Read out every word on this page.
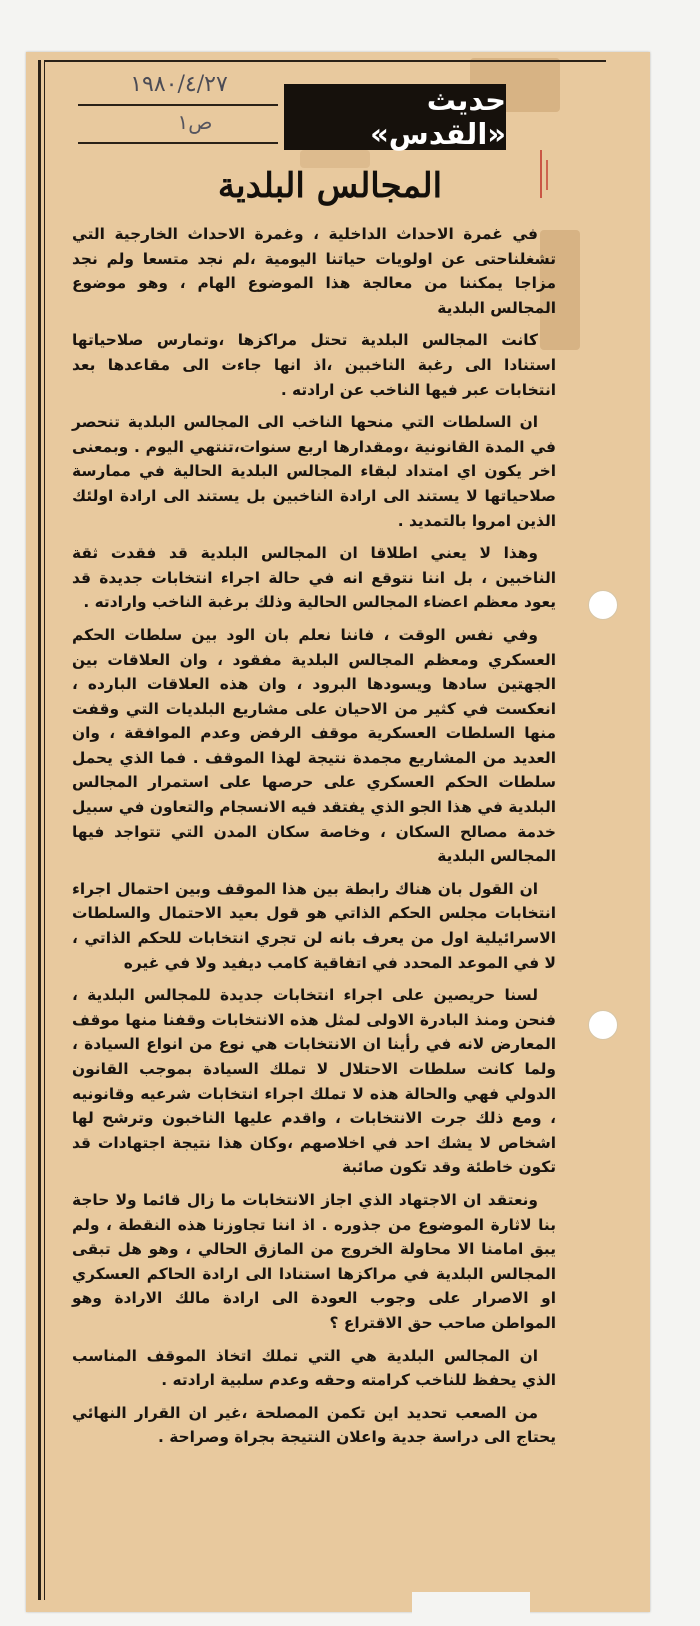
١٩٨٠/٤/٢٧
ص١
حديث «القدس»
المجالس البلدية

في غمرة الاحداث الداخلية ، وغمرة الاحداث الخارجية التي تشغلناحتى عن اولويات حياتنا اليومية ،لم نجد متسعا ولم نجد مزاجا يمكننا من معالجة هذا الموضوع الهام ، وهو موضوع المجالس البلدية

كانت المجالس البلدية تحتل مراكزها ،وتمارس صلاحياتها استنادا الى رغبة الناخبين ،اذ انها جاءت الى مقاعدها بعد انتخابات عبر فيها الناخب عن ارادته .

ان السلطات التي منحها الناخب الى المجالس البلدية تنحصر في المدة القانونية ،ومقدارها اربع سنوات،تنتهي اليوم . وبمعنى اخر يكون اي امتداد لبقاء المجالس البلدية الحالية في ممارسة صلاحياتها لا يستند الى ارادة الناخبين بل يستند الى ارادة اولئك الذين امروا بالتمديد .

وهذا لا يعني اطلاقا ان المجالس البلدية قد فقدت ثقة الناخبين ، بل اننا نتوقع انه في حالة اجراء انتخابات جديدة قد يعود معظم اعضاء المجالس الحالية وذلك برغبة الناخب وارادته .

وفي نفس الوقت ، فاننا نعلم بان الود بين سلطات الحكم العسكري ومعظم المجالس البلدية مفقود ، وان العلاقات بين الجهتين سادها ويسودها البرود ، وان هذه العلاقات البارده ، انعكست في كثير من الاحيان على مشاريع البلديات التي وقفت منها السلطات العسكرية موقف الرفض وعدم الموافقة ، وان العديد من المشاريع مجمدة نتيجة لهذا الموقف . فما الذي يحمل سلطات الحكم العسكري على حرصها على استمرار المجالس البلدية في هذا الجو الذي يفتقد فيه الانسجام والتعاون في سبيل خدمة مصالح السكان ، وخاصة سكان المدن التي تتواجد فيها المجالس البلدية

ان القول بان هناك رابطة بين هذا الموقف وبين احتمال اجراء انتخابات مجلس الحكم الذاتي هو قول بعيد الاحتمال والسلطات الاسرائيلية اول من يعرف بانه لن تجري انتخابات للحكم الذاتي ، لا في الموعد المحدد في اتفاقية كامب ديفيد ولا في غيره

لسنا حريصين على اجراء انتخابات جديدة للمجالس البلدية ، فنحن ومنذ البادرة الاولى لمثل هذه الانتخابات وقفنا منها موقف المعارض لانه في رأينا ان الانتخابات هي نوع من انواع السيادة ، ولما كانت سلطات الاحتلال لا تملك السيادة بموجب القانون الدولي فهي والحالة هذه لا تملك اجراء انتخابات شرعيه وقانونيه ، ومع ذلك جرت الانتخابات ، واقدم عليها الناخبون وترشح لها اشخاص لا يشك احد في اخلاصهم ،وكان هذا نتيجة اجتهادات قد تكون خاطئة وقد تكون صائبة

ونعتقد ان الاجتهاد الذي اجاز الانتخابات ما زال قائما ولا حاجة بنا لاثارة الموضوع من جذوره . اذ اننا تجاوزنا هذه النقطة ، ولم يبق امامنا الا محاولة الخروج من المازق الحالي ، وهو هل تبقى المجالس البلدية في مراكزها استنادا الى ارادة الحاكم العسكري او الاصرار على وجوب العودة الى ارادة مالك الارادة وهو المواطن صاحب حق الاقتراع ؟

ان المجالس البلدية هي التي تملك اتخاذ الموقف المناسب الذي يحفظ للناخب كرامته وحقه وعدم سلبية ارادته .

من الصعب تحديد اين تكمن المصلحة ،غير ان القرار النهائي يحتاج الى دراسة جدية واعلان النتيجة بجراة وصراحة .
